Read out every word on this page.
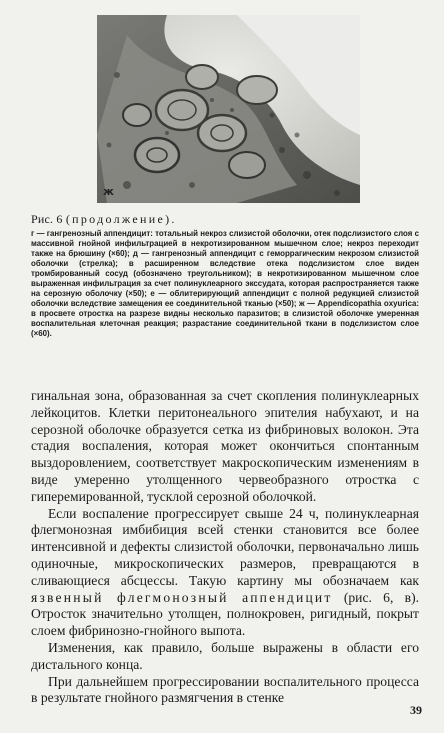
ж

Рис. 6 (продолжение).

г — гангренозный аппендицит: тотальный некроз слизистой оболочки, отек подслизистого слоя с массивной гнойной инфильтрацией в некротизированном мышечном слое; некроз переходит также на брюшину (×60); д — гангренозный аппендицит с геморрагическим некрозом слизистой оболочки (стрелка); в расширенном вследствие отека подслизистом слое виден тромбированный сосуд (обозначено треугольником); в некротизированном мышечном слое выраженная инфильтрация за счет полинуклеарного экссудата, которая распространяется также на серозную оболочку (×50); е — облитерирующий аппендицит с полной редукцией слизистой оболочки вследствие замещения ее соединительной тканью (×50); ж — Appendicopathia oxyurica: в просвете отростка на разрезе видны несколько паразитов; в слизистой оболочке умеренная воспалительная клеточная реакция; разрастание соединительной ткани в подслизистом слое (×60).

гинальная зона, образованная за счет скопления полинуклеарных лейкоцитов. Клетки перитонеального эпителия набухают, и на серозной оболочке образуется сетка из фибриновых волокон. Эта стадия воспаления, которая может окончиться спонтанным выздоровлением, соответствует макроскопическим изменениям в виде умеренно утолщенного червеобразного отростка с гиперемированной, тусклой серозной оболочкой.

Если воспаление прогрессирует свыше 24 ч, полинуклеарная флегмонозная имбибиция всей стенки становится все более интенсивной и дефекты слизистой оболочки, первоначально лишь одиночные, микроскопических размеров, превращаются в сливающиеся абсцессы. Такую картину мы обозначаем как язвенный флегмонозный аппендицит (рис. 6, в). Отросток значительно утолщен, полнокровен, ригидный, покрыт слоем фибринозно-гнойного выпота.

Изменения, как правило, больше выражены в области его дистального конца.

При дальнейшем прогрессировании воспалительного процесса в результате гнойного размягчения в стенке

39
